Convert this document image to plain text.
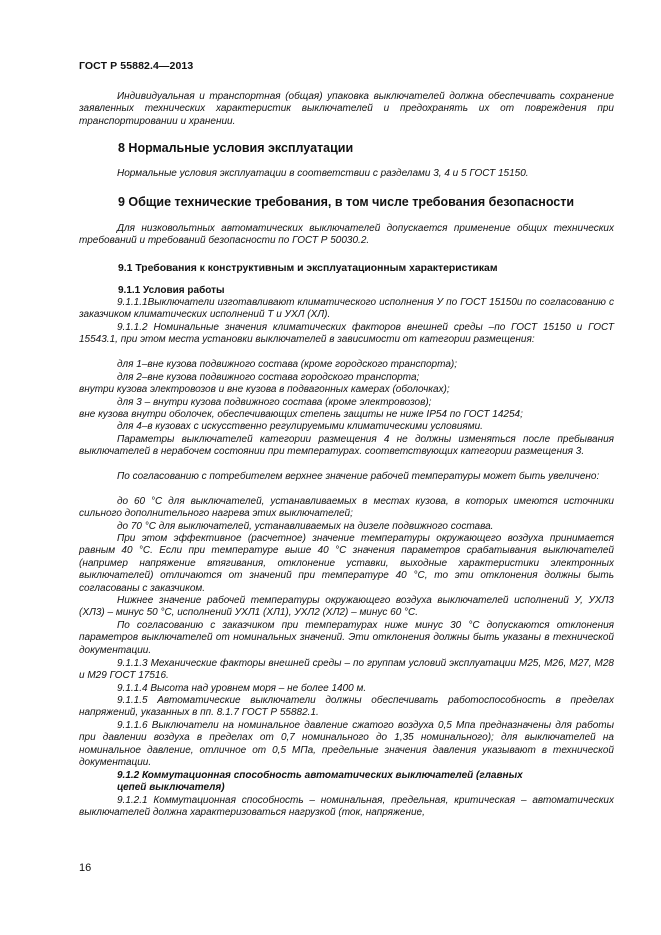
ГОСТ Р 55882.4—2013

Индивидуальная и транспортная (общая) упаковка выключателей должна обеспечивать сохранение заявленных технических характеристик выключателей и предохранять их от повреждения при транспортировании и хранении.

8 Нормальные условия эксплуатации

Нормальные условия эксплуатации в соответствии с разделами 3, 4 и 5 ГОСТ 15150.

9 Общие технические требования, в том числе требования безопасности

Для низковольтных автоматических выключателей допускается применение общих технических требований и требований безопасности по ГОСТ Р 50030.2.

9.1 Требования к конструктивным и эксплуатационным характеристикам

9.1.1 Условия работы

9.1.1.1Выключатели изготавливают климатического исполнения У по ГОСТ 15150и по согласованию с заказчиком климатических исполнений Т и УХЛ (ХЛ).

9.1.1.2 Номинальные значения климатических факторов внешней среды –по ГОСТ 15150 и ГОСТ 15543.1, при этом места установки выключателей в зависимости от категории размещения:

для 1–вне кузова подвижного состава (кроме городского транспорта);

для 2–вне кузова подвижного состава городского транспорта;

внутри кузова электровозов и вне кузова в подвагонных камерах (оболочках);

для 3 – внутри кузова подвижного состава (кроме электровозов);

вне кузова внутри оболочек, обеспечивающих степень защиты не ниже IP54 по ГОСТ 14254;

для 4–в кузовах с искусственно регулируемыми климатическими условиями.

Параметры выключателей категории размещения 4 не должны изменяться после пребывания выключателей в нерабочем состоянии при температурах. соответствующих категории размещения 3.

По согласованию с потребителем верхнее значение рабочей температуры может быть увеличено:

до 60 °С для выключателей, устанавливаемых в местах кузова, в которых имеются источники сильного дополнительного нагрева этих выключателей;

до 70 °С для выключателей, устанавливаемых на дизеле подвижного состава.

При этом эффективное (расчетное) значение температуры окружающего воздуха принимается равным 40 °С. Если при температуре выше 40 °С значения параметров срабатывания выключателей (например напряжение втягивания, отклонение уставки, выходные характеристики электронных выключателей) отличаются от значений при температуре 40 °С, то эти отклонения должны быть согласованы с заказчиком.

Нижнее значение рабочей температуры окружающего воздуха выключателей исполнений У, УХЛ3 (ХЛ3) – минус 50 °С, исполнений УХЛ1 (ХЛ1), УХЛ2 (ХЛ2) – минус 60 °С.

По согласованию с заказчиком при температурах ниже минус 30 °С допускаются отклонения параметров выключателей от номинальных значений. Эти отклонения должны быть указаны в технической документации.

9.1.1.3 Механические факторы внешней среды – по группам условий эксплуатации М25, М26, М27, М28 и М29 ГОСТ 17516.

9.1.1.4 Высота над уровнем моря – не более 1400 м.

9.1.1.5 Автоматические выключатели должны обеспечивать работоспособность в пределах напряжений, указанных в пп. 8.1.7 ГОСТ Р 55882.1.

9.1.1.6 Выключатели на номинальное давление сжатого воздуха 0,5 Мпа предназначены для работы при давлении воздуха в пределах от 0,7 номинального до 1,35 номинального); для выключателей на номинальное давление, отличное от 0,5 МПа, предельные значения давления указывают в технической документации.

9.1.2 Коммутационная способность автоматических выключателей (главных

цепей выключателя)

9.1.2.1 Коммутационная способность – номинальная, предельная, критическая – автоматических выключателей должна характеризоваться нагрузкой (ток, напряжение,

16
